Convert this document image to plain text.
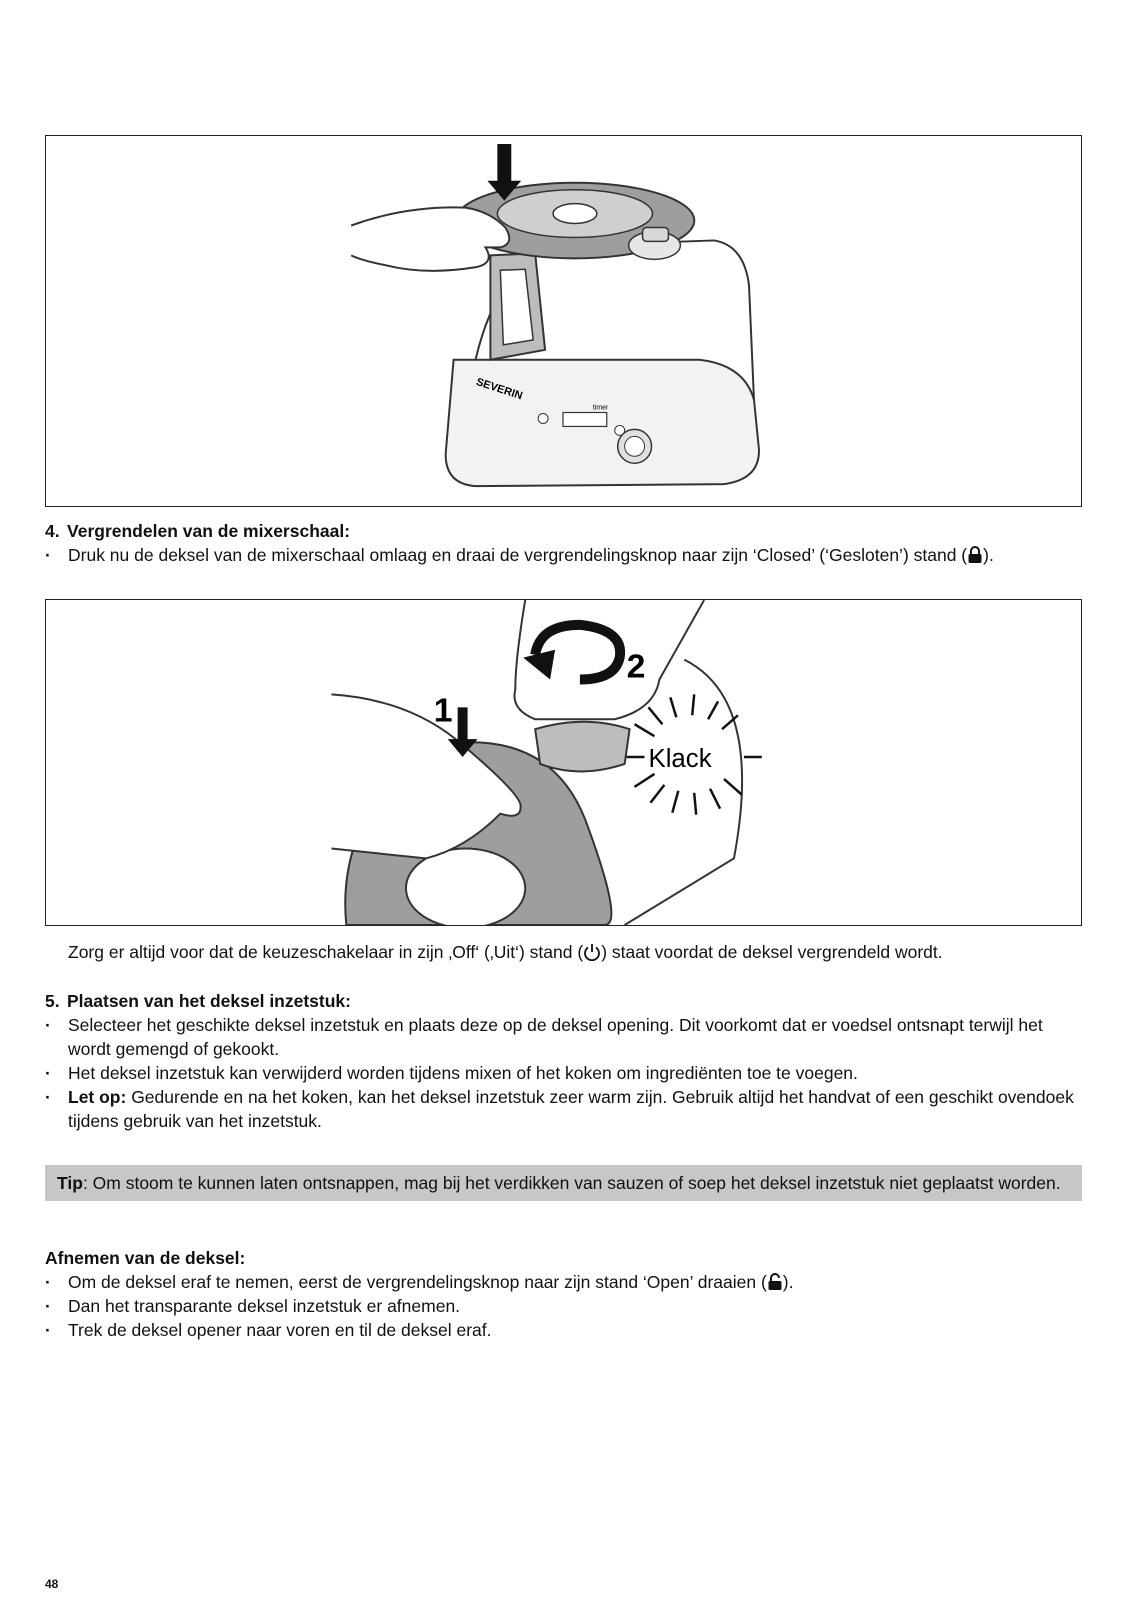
SEVERIN
timer
4. Vergrendelen van de mixerschaal:
· Druk nu de deksel van de mixerschaal omlaag en draai de vergrendelingsknop naar zijn ‘Closed’ (‘Gesloten’) stand ( ).
2
1
Klack
Zorg er altijd voor dat de keuzeschakelaar in zijn ‚Off‘ (‚Uit‘) stand ( ) staat voordat de deksel vergrendeld wordt.
5. Plaatsen van het deksel inzetstuk:
· Selecteer het geschikte deksel inzetstuk en plaats deze op de deksel opening. Dit voorkomt dat er voedsel ontsnapt terwijl het wordt gemengd of gekookt.
· Het deksel inzetstuk kan verwijderd worden tijdens mixen of het koken om ingrediënten toe te voegen.
· Let op: Gedurende en na het koken, kan het deksel inzetstuk zeer warm zijn. Gebruik altijd het handvat of een geschikt ovendoek tijdens gebruik van het inzetstuk.
Tip: Om stoom te kunnen laten ontsnappen, mag bij het verdikken van sauzen of soep het deksel inzetstuk niet geplaatst worden.
Afnemen van de deksel:
· Om de deksel eraf te nemen, eerst de vergrendelingsknop naar zijn stand ‘Open’ draaien ( ).
· Dan het transparante deksel inzetstuk er afnemen.
· Trek de deksel opener naar voren en til de deksel eraf.
48
